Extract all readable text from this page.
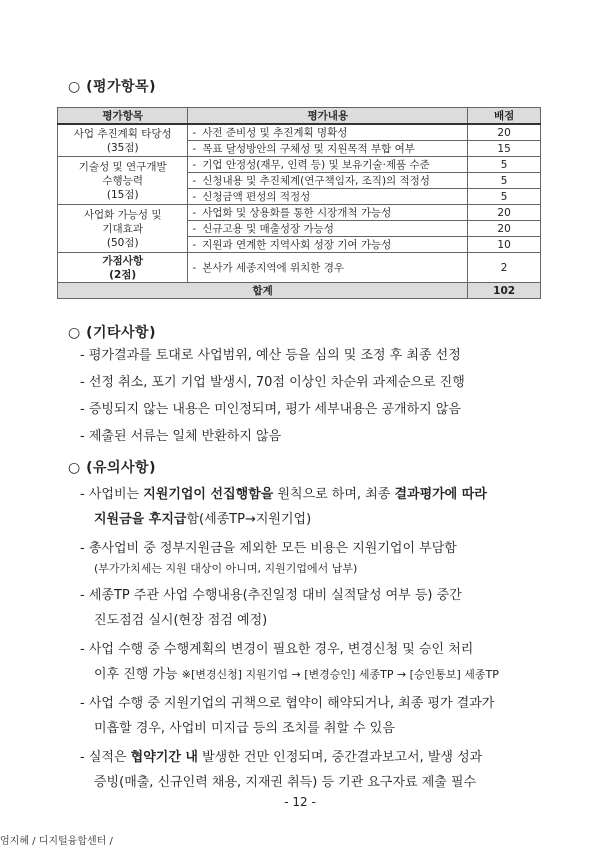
○ (평가항목)
평가항목	평가내용	배점

사업 추진계획 타당성
(35점)	- 사전 준비성 및 추진계획 명확성	20
	- 목표 달성방안의 구체성 및 지원목적 부합 여부	15

기술성 및 연구개발
수행능력
(15점)	- 기업 안정성(재무, 인력 등) 및 보유기술·제품 수준	5
	- 신청내용 및 추진체계(연구책임자, 조직)의 적정성	5
	- 신청금액 편성의 적정성	5

사업화 가능성 및
기대효과
(50점)	- 사업화 및 상용화를 통한 시장개척 가능성	20
	- 신규고용 및 매출성장 가능성	20
	- 지원과 연계한 지역사회 성장 기여 가능성	10

가점사항
(2점)	- 본사가 세종지역에 위치한 경우	2
합계		102
○ (기타사항)
- 평가결과를 토대로 사업범위, 예산 등을 심의 및 조정 후 최종 선정
- 선정 취소, 포기 기업 발생시, 70점 이상인 차순위 과제순으로 진행
- 증빙되지 않는 내용은 미인정되며, 평가 세부내용은 공개하지 않음
- 제출된 서류는 일체 반환하지 않음
○ (유의사항)
- 사업비는 지원기업이 선집행함을 원칙으로 하며, 최종 결과평가에 따라
지원금을 후지급함(세종TP→지원기업)
- 총사업비 중 정부지원금을 제외한 모든 비용은 지원기업이 부담함
(부가가치세는 지원 대상이 아니며, 지원기업에서 납부)
- 세종TP 주관 사업 수행내용(추진일정 대비 실적달성 여부 등) 중간
진도점검 실시(현장 점검 예정)
- 사업 수행 중 수행계획의 변경이 필요한 경우, 변경신청 및 승인 처리
이후 진행 가능 ※[변경신청] 지원기업 → [변경승인] 세종TP → [승인통보] 세종TP
- 사업 수행 중 지원기업의 귀책으로 협약이 해약되거나, 최종 평가 결과가
미흡할 경우, 사업비 미지급 등의 조치를 취할 수 있음
- 실적은 협약기간 내 발생한 건만 인정되며, 중간결과보고서, 발생 성과
증빙(매출, 신규인력 채용, 지재권 취득) 등 기관 요구자료 제출 필수
- 12 -
엄지혜 / 디지털융합센터 /
